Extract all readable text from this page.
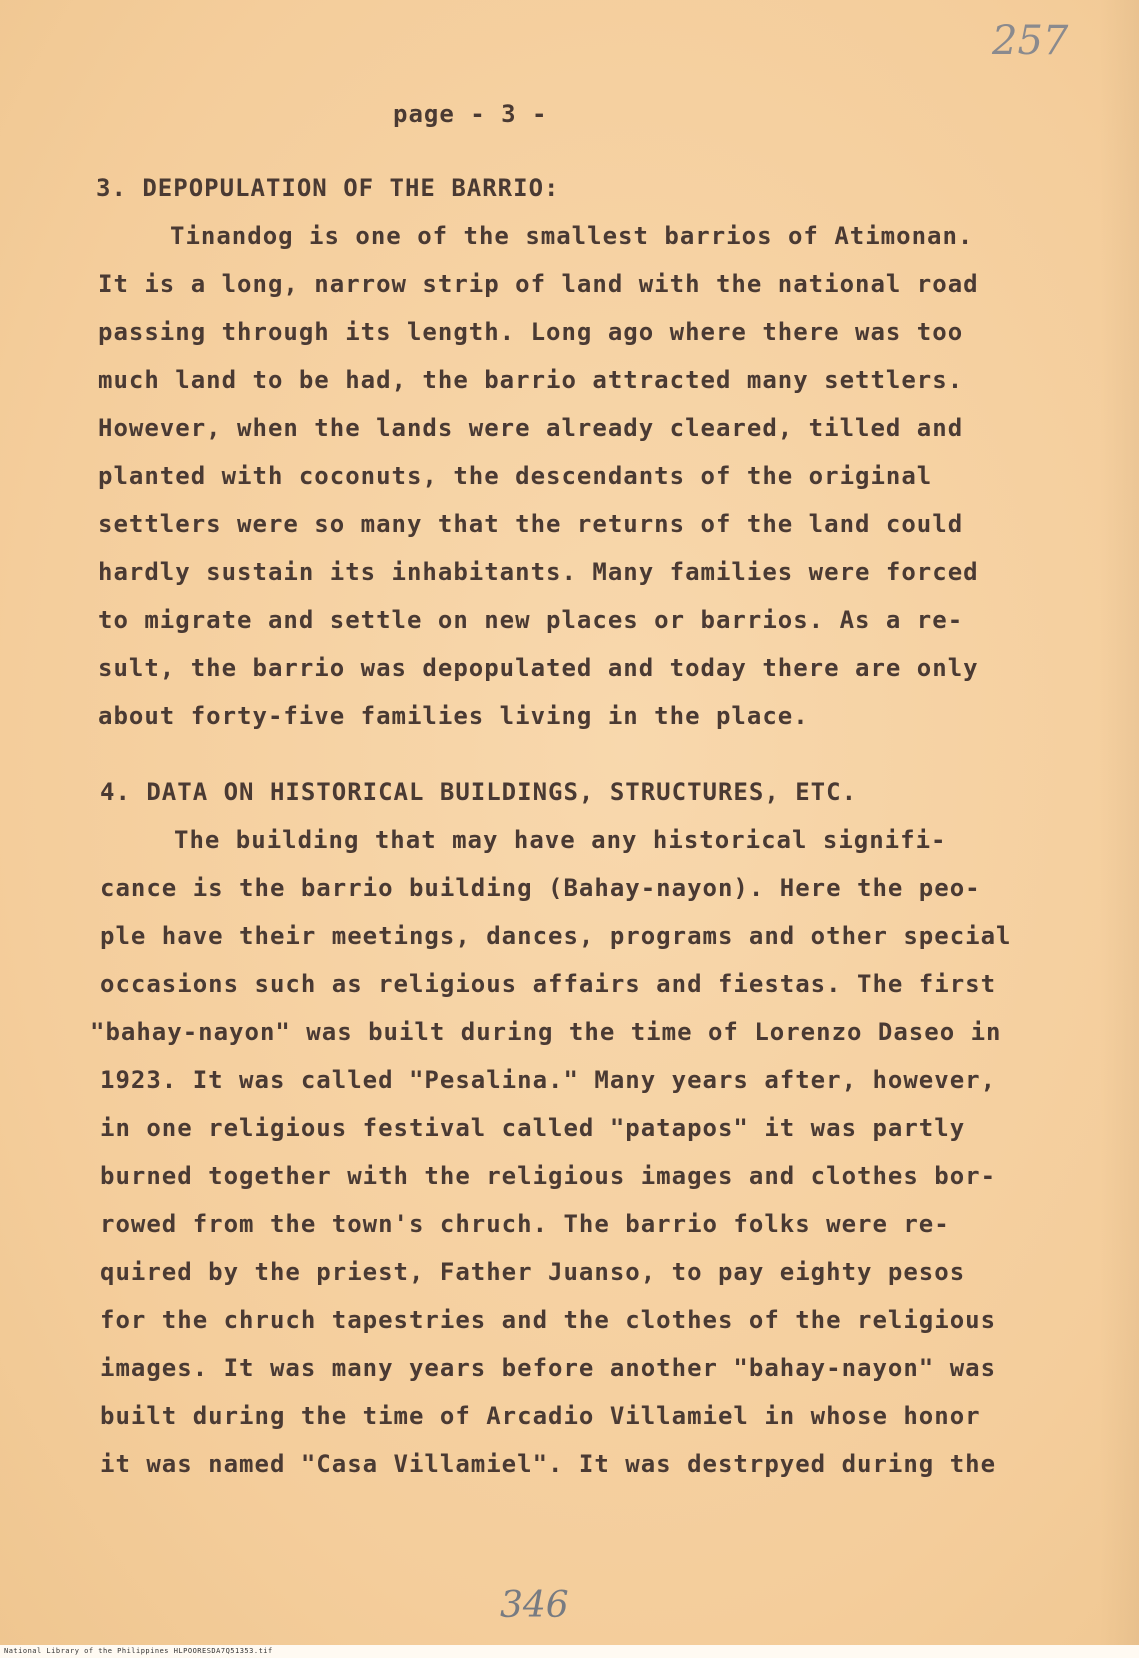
257
page - 3 -
3. DEPOPULATION OF THE BARRIO:
Tinandog is one of the smallest barrios of Atimonan.
It is a long, narrow strip of land with the national road
passing through its length. Long ago where there was too
much land to be had, the barrio attracted many settlers.
However, when the lands were already cleared, tilled and
planted with coconuts, the descendants of the original
settlers were so many that the returns of the land could
hardly sustain its inhabitants. Many families were forced
to migrate and settle on new places or barrios. As a re-
sult, the barrio was depopulated and today there are only
about forty-five families living in the place.
4. DATA ON HISTORICAL BUILDINGS, STRUCTURES, ETC.
The building that may have any historical signifi-
cance is the barrio building (Bahay-nayon). Here the peo-
ple have their meetings, dances, programs and other special
occasions such as religious affairs and fiestas. The first
"bahay-nayon" was built during the time of Lorenzo Daseo in
1923. It was called "Pesalina." Many years after, however,
in one religious festival called "patapos" it was partly
burned together with the religious images and clothes bor-
rowed from the town's chruch. The barrio folks were re-
quired by the priest, Father Juanso, to pay eighty pesos
for the chruch tapestries and the clothes of the religious
images. It was many years before another "bahay-nayon" was
built during the time of Arcadio Villamiel in whose honor
it was named "Casa Villamiel". It was destrpyed during the
346
National Library of the Philippines HLPOORESDA7Q51353.tif
